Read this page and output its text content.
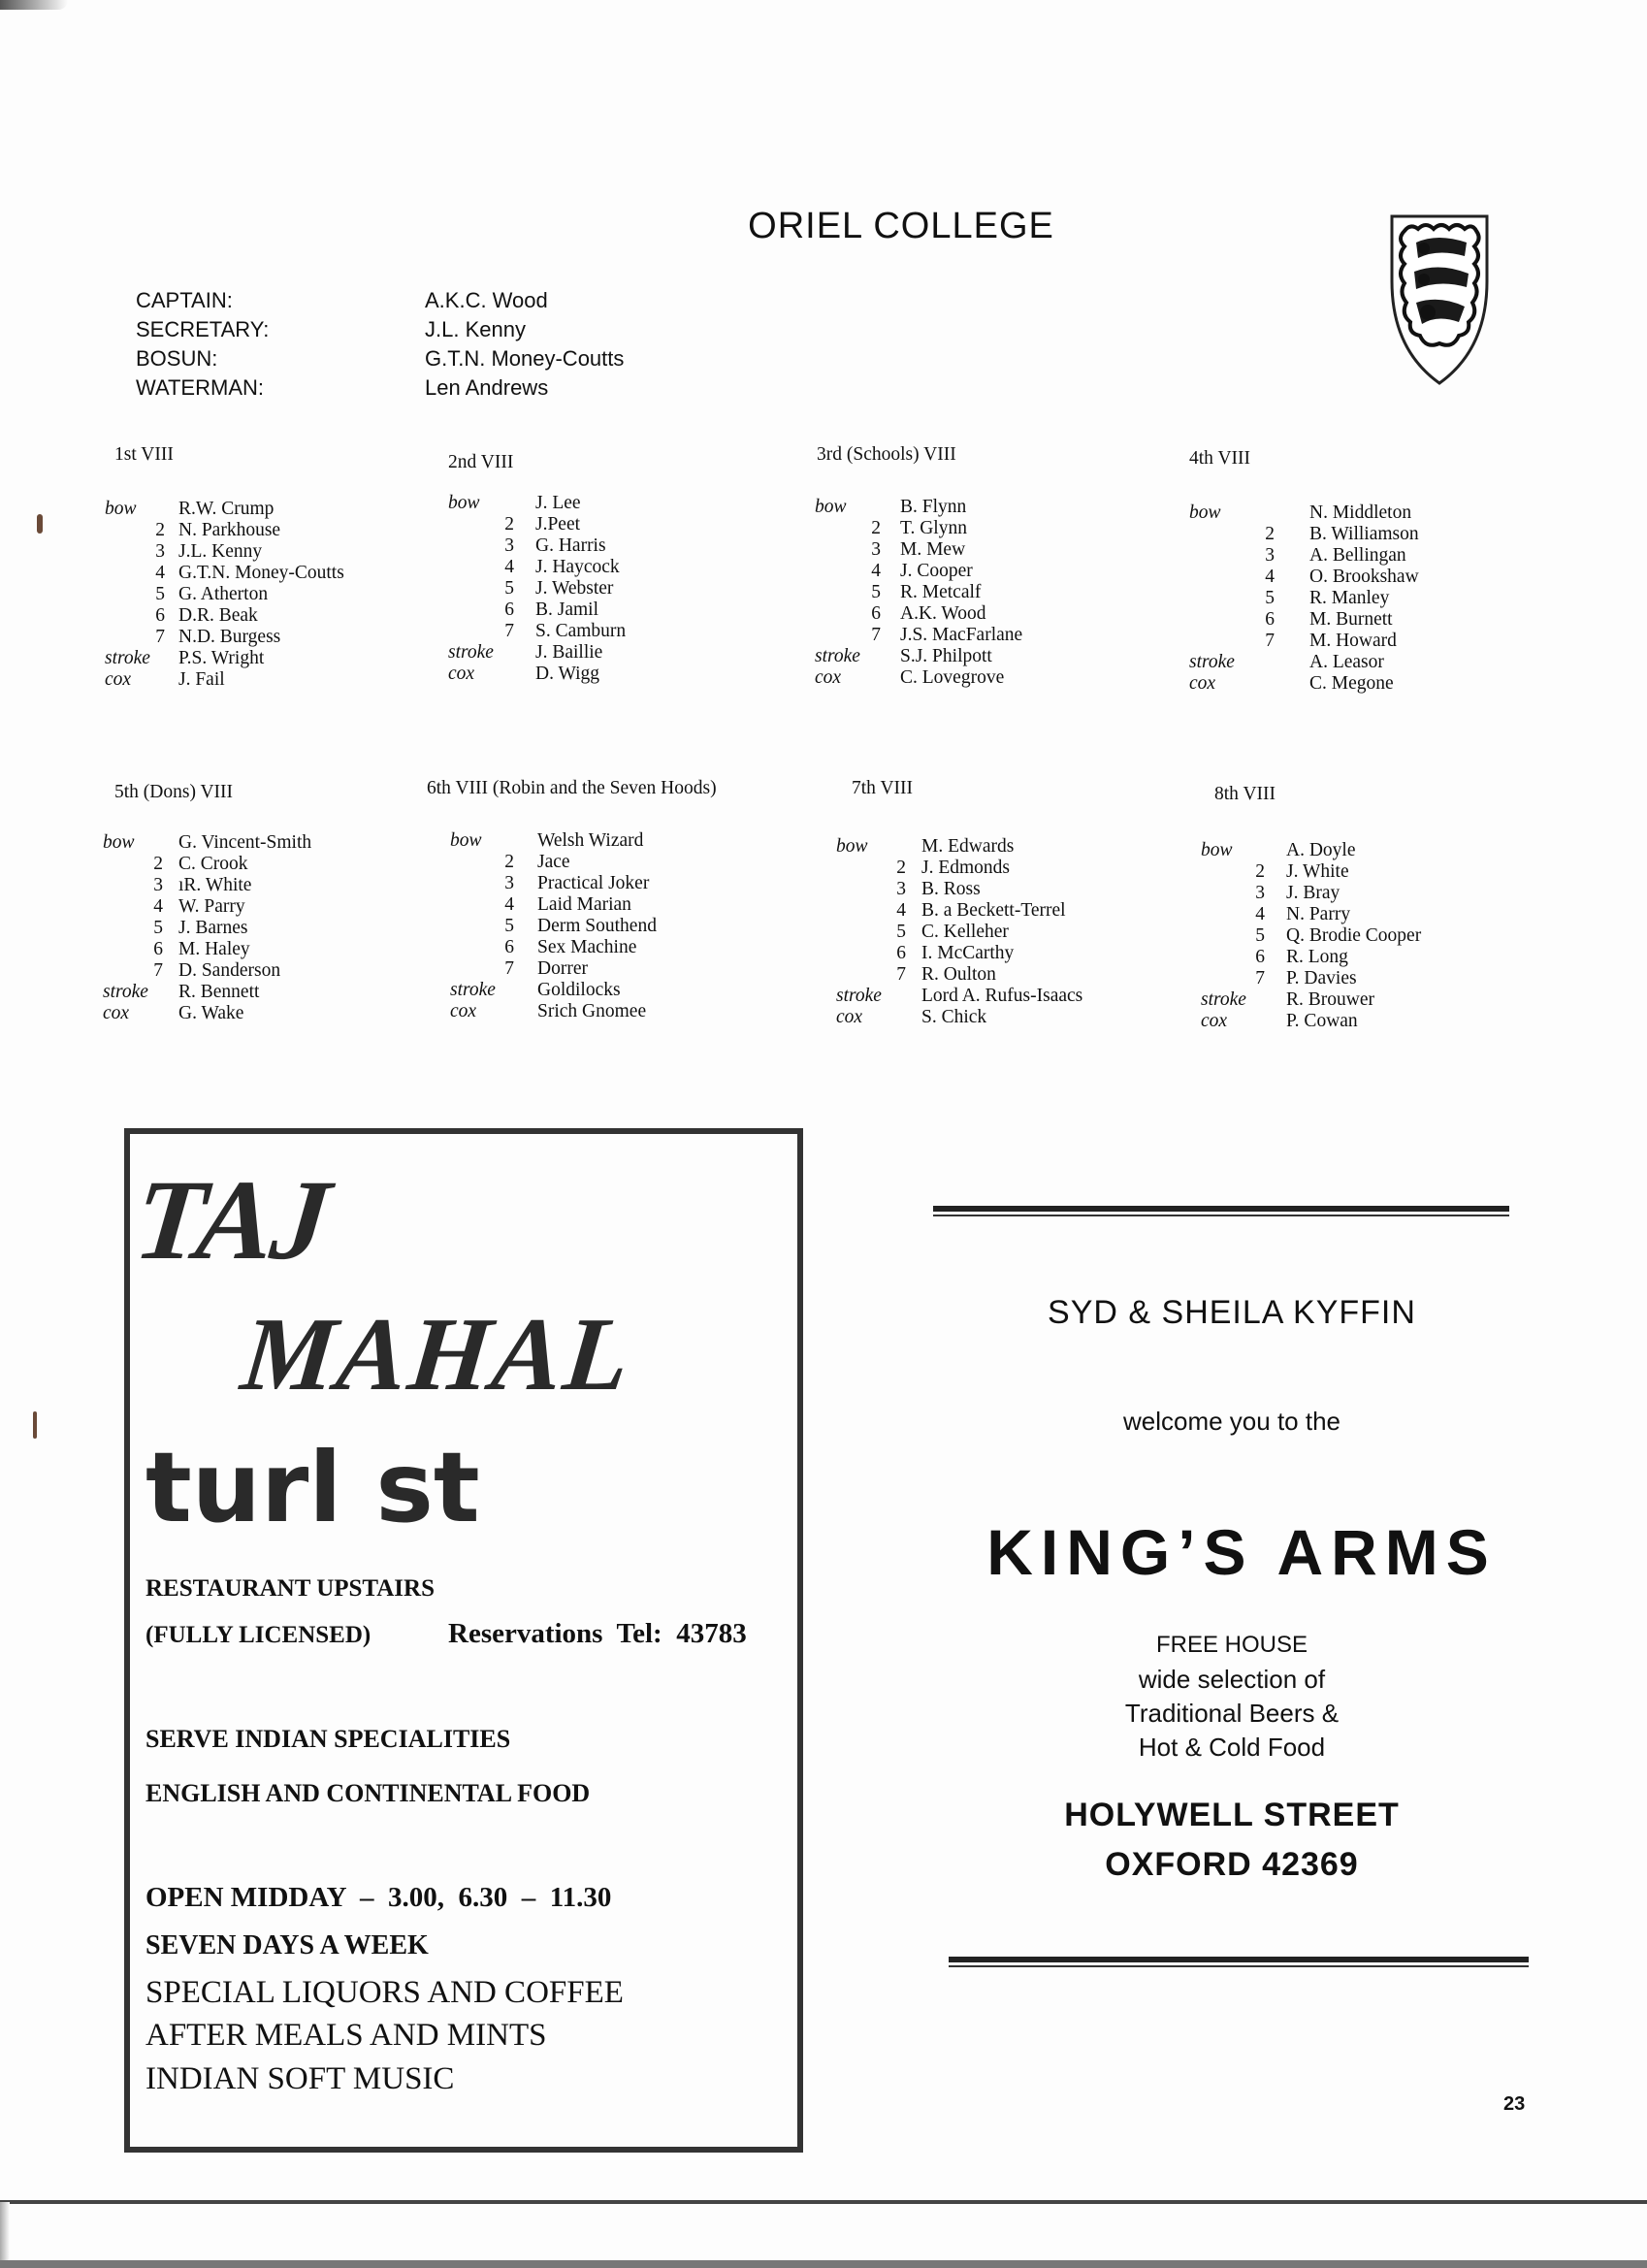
ORIEL COLLEGE
CAPTAIN:	A.K.C. Wood
SECRETARY:	J.L. Kenny
BOSUN:	G.T.N. Money-Coutts
WATERMAN:	Len Andrews
1st VIII
bow	R.W. Crump
2 N. Parkhouse
3 J.L. Kenny
4 G.T.N. Money-Coutts
5 G. Atherton
6 D.R. Beak
7 N.D. Burgess
stroke	P.S. Wright
cox	J. Fail
2nd VIII
bow	J. Lee
2 J.Peet
3 G. Harris
4 J. Haycock
5 J. Webster
6 B. Jamil
7 S. Camburn
stroke	J. Baillie
cox	D. Wigg
3rd (Schools) VIII
bow	B. Flynn
2 T. Glynn
3 M. Mew
4 J. Cooper
5 R. Metcalf
6 A.K. Wood
7 J.S. MacFarlane
stroke	S.J. Philpott
cox	C. Lovegrove
4th VIII
bow	N. Middleton
2 B. Williamson
3 A. Bellingan
4 O. Brookshaw
5 R. Manley
6 M. Burnett
7 M. Howard
stroke	A. Leasor
cox	C. Megone
5th (Dons) VIII
bow	G. Vincent-Smith
2 C. Crook
3 ıR. White
4 W. Parry
5 J. Barnes
6 M. Haley
7 D. Sanderson
stroke	R. Bennett
cox	G. Wake
6th VIII (Robin and the Seven Hoods)
bow	Welsh Wizard
2 Jace
3 Practical Joker
4 Laid Marian
5 Derm Southend
6 Sex Machine
7 Dorrer
stroke	Goldilocks
cox	Srich Gnomee
7th VIII
bow	M. Edwards
2 J. Edmonds
3 B. Ross
4 B. a Beckett-Terrel
5 C. Kelleher
6 I. McCarthy
7 R. Oulton
stroke	Lord A. Rufus-Isaacs
cox	S. Chick
8th VIII
bow	A. Doyle
2 J. White
3 J. Bray
4 N. Parry
5 Q. Brodie Cooper
6 R. Long
7 P. Davies
stroke	R. Brouwer
cox	P. Cowan
TAJ
MAHAL
turl st
RESTAURANT UPSTAIRS
(FULLY LICENSED)	Reservations  Tel:  43783
SERVE INDIAN SPECIALITIES
ENGLISH AND CONTINENTAL FOOD
OPEN MIDDAY  –  3.00,  6.30  –  11.30
SEVEN DAYS A WEEK
SPECIAL LIQUORS AND COFFEE
AFTER MEALS AND MINTS
INDIAN SOFT MUSIC
SYD & SHEILA KYFFIN
welcome you to the
KING’S ARMS
FREE HOUSE
wide selection of
Traditional Beers &
Hot & Cold Food
HOLYWELL STREET
OXFORD 42369
23
